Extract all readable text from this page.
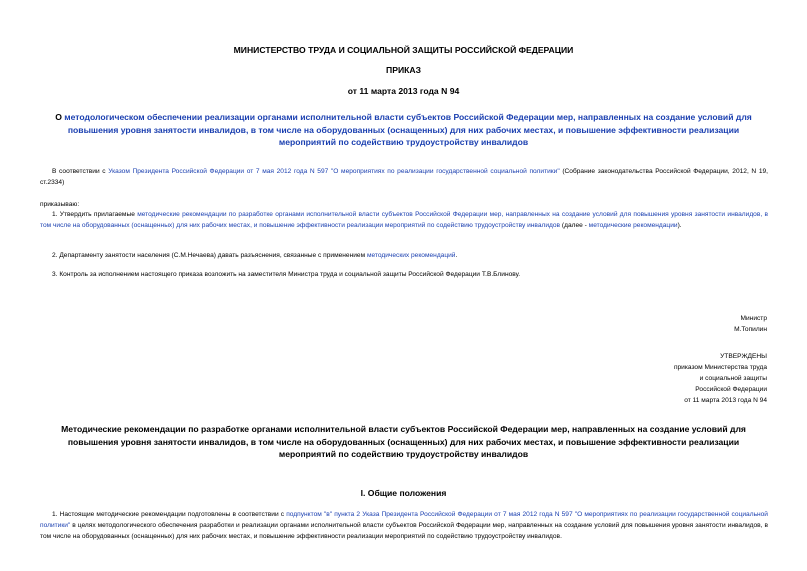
МИНИСТЕРСТВО ТРУДА И СОЦИАЛЬНОЙ ЗАЩИТЫ РОССИЙСКОЙ ФЕДЕРАЦИИ
ПРИКАЗ
от 11 марта 2013 года N 94
О методологическом обеспечении реализации органами исполнительной власти субъектов Российской Федерации мер, направленных на создание условий для повышения уровня занятости инвалидов, в том числе на оборудованных (оснащенных) для них рабочих местах, и повышение эффективности реализации мероприятий по содействию трудоустройству инвалидов
В соответствии с Указом Президента Российской Федерации от 7 мая 2012 года N 597 "О мероприятиях по реализации государственной социальной политики" (Собрание законодательства Российской Федерации, 2012, N 19, ст.2334)
приказываю:
1. Утвердить прилагаемые методические рекомендации по разработке органами исполнительной власти субъектов Российской Федерации мер, направленных на создание условий для повышения уровня занятости инвалидов, в том числе на оборудованных (оснащенных) для них рабочих местах, и повышение эффективности реализации мероприятий по содействию трудоустройству инвалидов (далее - методические рекомендации).
2. Департаменту занятости населения (С.М.Нечаева) давать разъяснения, связанные с применением методических рекомендаций.
3. Контроль за исполнением настоящего приказа возложить на заместителя Министра труда и социальной защиты Российской Федерации Т.В.Блинову.
Министр
М.Топилин
УТВЕРЖДЕНЫ
приказом Министерства труда
и социальной защиты
Российской Федерации
от 11 марта 2013 года N 94
Методические рекомендации по разработке органами исполнительной власти субъектов Российской Федерации мер, направленных на создание условий для повышения уровня занятости инвалидов, в том числе на оборудованных (оснащенных) для них рабочих местах, и повышение эффективности реализации мероприятий по содействию трудоустройству инвалидов
I. Общие положения
1. Настоящие методические рекомендации подготовлены в соответствии с подпунктом "в" пункта 2 Указа Президента Российской Федерации от 7 мая 2012 года N 597 "О мероприятиях по реализации государственной социальной политики" в целях методологического обеспечения разработки и реализации органами исполнительной власти субъектов Российской Федерации мер, направленных на создание условий для повышения уровня занятости инвалидов, в том числе на оборудованных (оснащенных) для них рабочих местах, и повышение эффективности реализации мероприятий по содействию трудоустройству инвалидов.
